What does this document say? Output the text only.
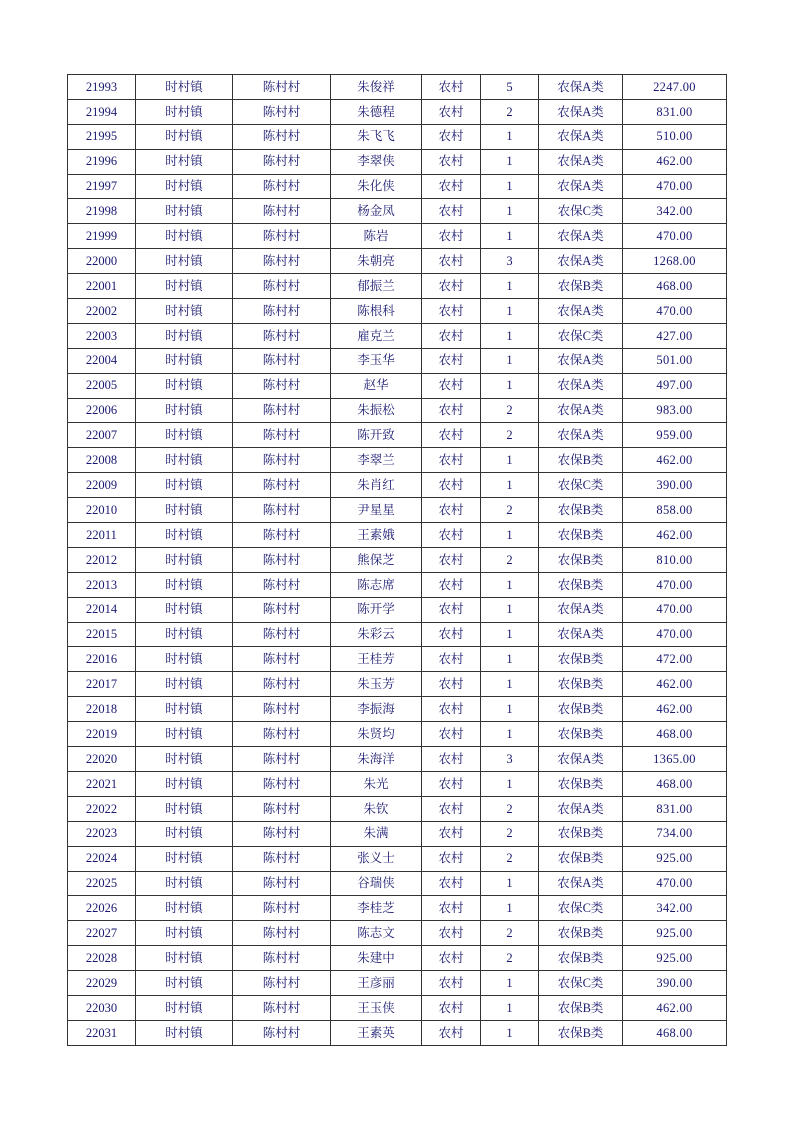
21993	时村镇	陈村村	朱俊祥	农村	5	农保A类	2247.00
21994	时村镇	陈村村	朱德程	农村	2	农保A类	831.00
21995	时村镇	陈村村	朱飞飞	农村	1	农保A类	510.00
21996	时村镇	陈村村	李翠侠	农村	1	农保A类	462.00
21997	时村镇	陈村村	朱化侠	农村	1	农保A类	470.00
21998	时村镇	陈村村	杨金凤	农村	1	农保C类	342.00
21999	时村镇	陈村村	陈岩	农村	1	农保A类	470.00
22000	时村镇	陈村村	朱朝亮	农村	3	农保A类	1268.00
22001	时村镇	陈村村	郁振兰	农村	1	农保B类	468.00
22002	时村镇	陈村村	陈根科	农村	1	农保A类	470.00
22003	时村镇	陈村村	雇克兰	农村	1	农保C类	427.00
22004	时村镇	陈村村	李玉华	农村	1	农保A类	501.00
22005	时村镇	陈村村	赵华	农村	1	农保A类	497.00
22006	时村镇	陈村村	朱振松	农村	2	农保A类	983.00
22007	时村镇	陈村村	陈开致	农村	2	农保A类	959.00
22008	时村镇	陈村村	李翠兰	农村	1	农保B类	462.00
22009	时村镇	陈村村	朱肖红	农村	1	农保C类	390.00
22010	时村镇	陈村村	尹星星	农村	2	农保B类	858.00
22011	时村镇	陈村村	王素娥	农村	1	农保B类	462.00
22012	时村镇	陈村村	熊保芝	农村	2	农保B类	810.00
22013	时村镇	陈村村	陈志席	农村	1	农保B类	470.00
22014	时村镇	陈村村	陈开学	农村	1	农保A类	470.00
22015	时村镇	陈村村	朱彩云	农村	1	农保A类	470.00
22016	时村镇	陈村村	王桂芳	农村	1	农保B类	472.00
22017	时村镇	陈村村	朱玉芳	农村	1	农保B类	462.00
22018	时村镇	陈村村	李振海	农村	1	农保B类	462.00
22019	时村镇	陈村村	朱贤均	农村	1	农保B类	468.00
22020	时村镇	陈村村	朱海洋	农村	3	农保A类	1365.00
22021	时村镇	陈村村	朱光	农村	1	农保B类	468.00
22022	时村镇	陈村村	朱钦	农村	2	农保A类	831.00
22023	时村镇	陈村村	朱满	农村	2	农保B类	734.00
22024	时村镇	陈村村	张义士	农村	2	农保B类	925.00
22025	时村镇	陈村村	谷瑞侠	农村	1	农保A类	470.00
22026	时村镇	陈村村	李桂芝	农村	1	农保C类	342.00
22027	时村镇	陈村村	陈志文	农村	2	农保B类	925.00
22028	时村镇	陈村村	朱建中	农村	2	农保B类	925.00
22029	时村镇	陈村村	王彦丽	农村	1	农保C类	390.00
22030	时村镇	陈村村	王玉侠	农村	1	农保B类	462.00
22031	时村镇	陈村村	王素英	农村	1	农保B类	468.00
